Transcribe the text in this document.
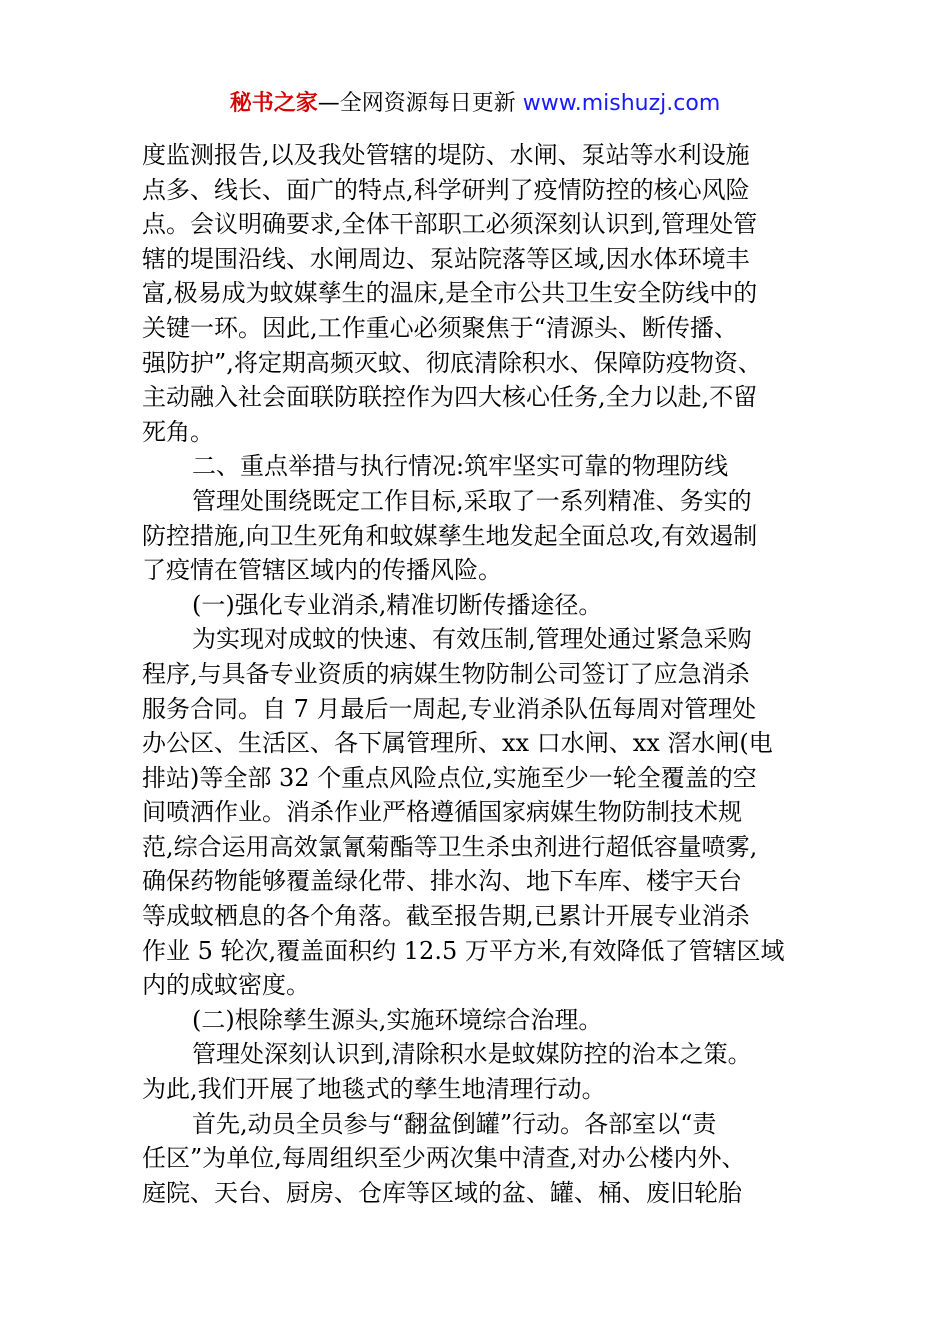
秘书之家—全网资源每日更新 www.mishuzj.com
度监测报告,以及我处管辖的堤防、水闸、泵站等水利设施
点多、线长、面广的特点,科学研判了疫情防控的核心风险
点。会议明确要求,全体干部职工必须深刻认识到,管理处管
辖的堤围沿线、水闸周边、泵站院落等区域,因水体环境丰
富,极易成为蚊媒孳生的温床,是全市公共卫生安全防线中的
关键一环。因此,工作重心必须聚焦于“清源头、断传播、
强防护”,将定期高频灭蚊、彻底清除积水、保障防疫物资、
主动融入社会面联防联控作为四大核心任务,全力以赴,不留
死角。
二、重点举措与执行情况:筑牢坚实可靠的物理防线
管理处围绕既定工作目标,采取了一系列精准、务实的
防控措施,向卫生死角和蚊媒孳生地发起全面总攻,有效遏制
了疫情在管辖区域内的传播风险。
(一)强化专业消杀,精准切断传播途径。
为实现对成蚊的快速、有效压制,管理处通过紧急采购
程序,与具备专业资质的病媒生物防制公司签订了应急消杀
服务合同。自 7 月最后一周起,专业消杀队伍每周对管理处
办公区、生活区、各下属管理所、xx 口水闸、xx 滘水闸(电
排站)等全部 32 个重点风险点位,实施至少一轮全覆盖的空
间喷洒作业。消杀作业严格遵循国家病媒生物防制技术规
范,综合运用高效氯氰菊酯等卫生杀虫剂进行超低容量喷雾,
确保药物能够覆盖绿化带、排水沟、地下车库、楼宇天台
等成蚊栖息的各个角落。截至报告期,已累计开展专业消杀
作业 5 轮次,覆盖面积约 12.5 万平方米,有效降低了管辖区域
内的成蚊密度。
(二)根除孳生源头,实施环境综合治理。
管理处深刻认识到,清除积水是蚊媒防控的治本之策。
为此,我们开展了地毯式的孳生地清理行动。
首先,动员全员参与“翻盆倒罐”行动。各部室以“责
任区”为单位,每周组织至少两次集中清查,对办公楼内外、
庭院、天台、厨房、仓库等区域的盆、罐、桶、废旧轮胎
